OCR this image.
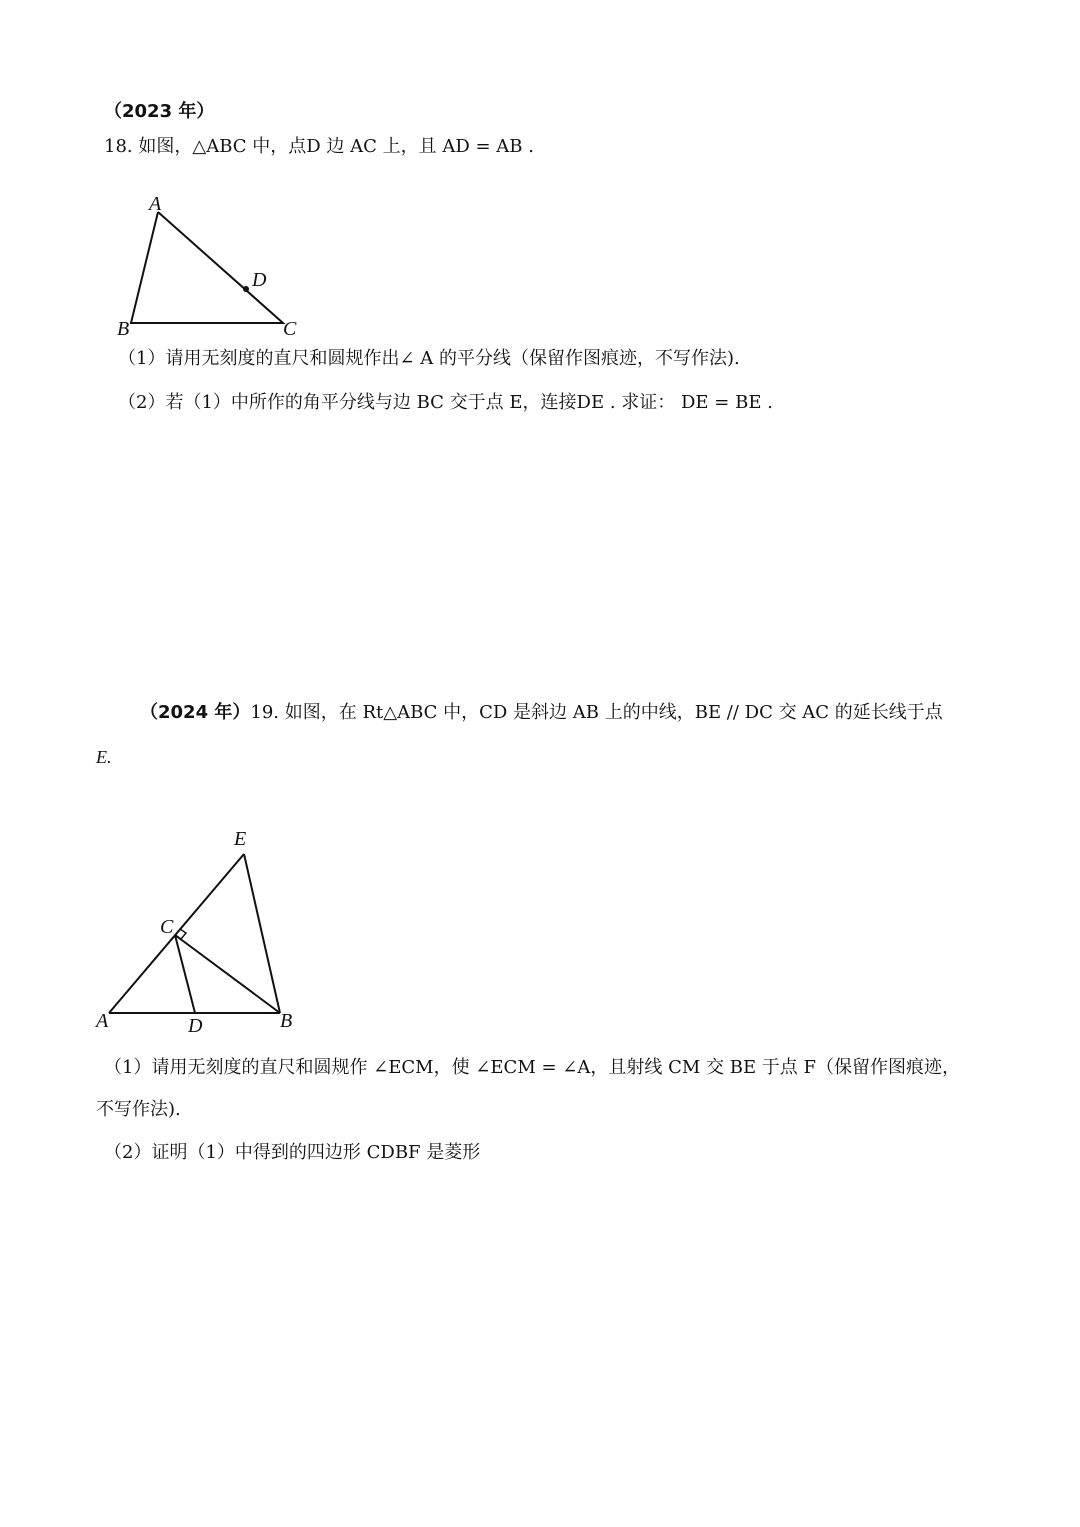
（2023 年）
18. 如图，△ABC 中，点D 边 AC 上，且 AD = AB .
A
B	C
D
（1）请用无刻度的直尺和圆规作出∠ A 的平分线（保留作图痕迹，不写作法).
（2）若（1）中所作的角平分线与边 BC 交于点 E，连接DE . 求证： DE = BE .
（2024 年）19. 如图，在 Rt△ABC 中，CD 是斜边 AB 上的中线，BE // DC 交 AC 的延长线于点
E.
E
C
A	D	B
（1）请用无刻度的直尺和圆规作 ∠ECM，使 ∠ECM = ∠A，且射线 CM 交 BE 于点 F（保留作图痕迹，
不写作法).
（2）证明（1）中得到的四边形 CDBF 是菱形
